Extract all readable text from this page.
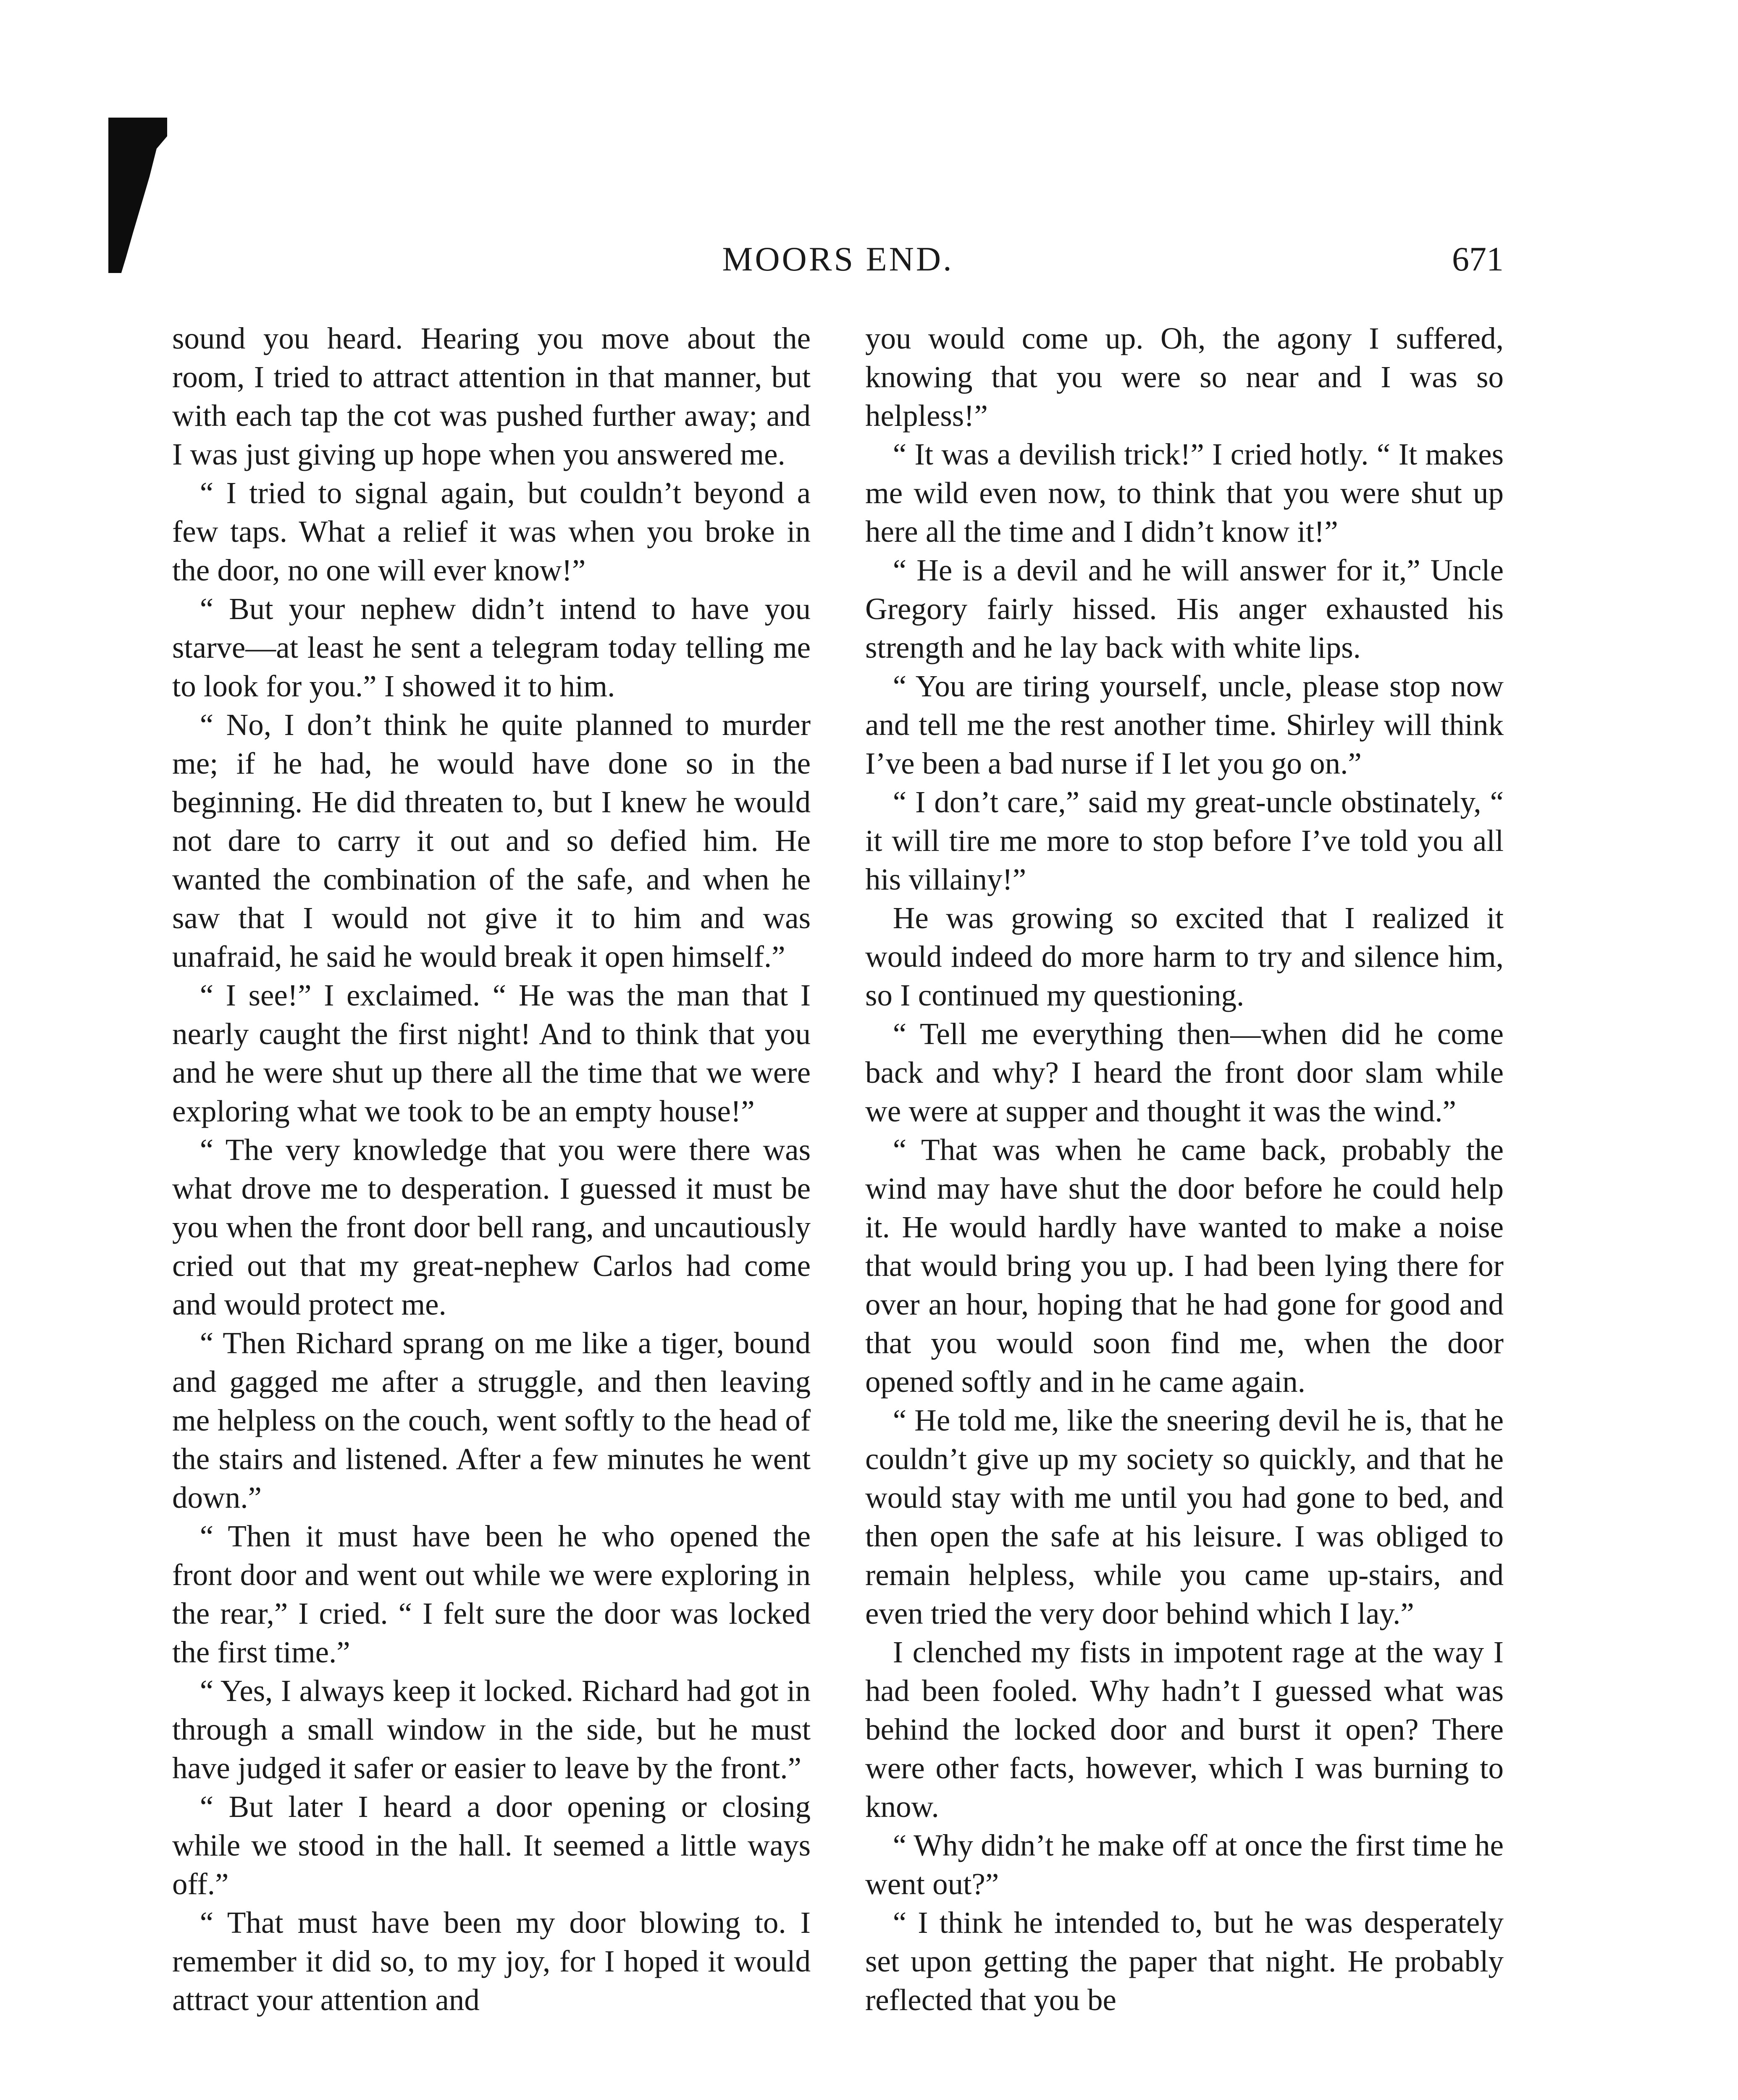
MOORS END.	671

sound you heard. Hearing you move about the room, I tried to attract attention in that manner, but with each tap the cot was pushed further away; and I was just giving up hope when you answered me.

“ I tried to signal again, but couldn’t beyond a few taps. What a relief it was when you broke in the door, no one will ever know!”

“ But your nephew didn’t intend to have you starve—at least he sent a telegram today telling me to look for you.” I showed it to him.

“ No, I don’t think he quite planned to murder me; if he had, he would have done so in the beginning. He did threaten to, but I knew he would not dare to carry it out and so defied him. He wanted the combination of the safe, and when he saw that I would not give it to him and was unafraid, he said he would break it open himself.”

“ I see!” I exclaimed. “ He was the man that I nearly caught the first night! And to think that you and he were shut up there all the time that we were exploring what we took to be an empty house!”

“ The very knowledge that you were there was what drove me to desperation. I guessed it must be you when the front door bell rang, and uncautiously cried out that my great-nephew Carlos had come and would protect me.

“ Then Richard sprang on me like a tiger, bound and gagged me after a struggle, and then leaving me helpless on the couch, went softly to the head of the stairs and listened. After a few minutes he went down.”

“ Then it must have been he who opened the front door and went out while we were exploring in the rear,” I cried. “ I felt sure the door was locked the first time.”

“ Yes, I always keep it locked. Richard had got in through a small window in the side, but he must have judged it safer or easier to leave by the front.”

“ But later I heard a door opening or closing while we stood in the hall. It seemed a little ways off.”

“ That must have been my door blowing to. I remember it did so, to my joy, for I hoped it would attract your attention and

you would come up. Oh, the agony I suffered, knowing that you were so near and I was so helpless!”

“ It was a devilish trick!” I cried hotly. “ It makes me wild even now, to think that you were shut up here all the time and I didn’t know it!”

“ He is a devil and he will answer for it,” Uncle Gregory fairly hissed. His anger exhausted his strength and he lay back with white lips.

“ You are tiring yourself, uncle, please stop now and tell me the rest another time. Shirley will think I’ve been a bad nurse if I let you go on.”

“ I don’t care,” said my great-uncle obstinately, “ it will tire me more to stop before I’ve told you all his villainy!”

He was growing so excited that I realized it would indeed do more harm to try and silence him, so I continued my questioning.

“ Tell me everything then—when did he come back and why? I heard the front door slam while we were at supper and thought it was the wind.”

“ That was when he came back, probably the wind may have shut the door before he could help it. He would hardly have wanted to make a noise that would bring you up. I had been lying there for over an hour, hoping that he had gone for good and that you would soon find me, when the door opened softly and in he came again.

“ He told me, like the sneering devil he is, that he couldn’t give up my society so quickly, and that he would stay with me until you had gone to bed, and then open the safe at his leisure. I was obliged to remain helpless, while you came up-stairs, and even tried the very door behind which I lay.”

I clenched my fists in impotent rage at the way I had been fooled. Why hadn’t I guessed what was behind the locked door and burst it open? There were other facts, however, which I was burning to know.

“ Why didn’t he make off at once the first time he went out?”

“ I think he intended to, but he was desperately set upon getting the paper that night. He probably reflected that you be
